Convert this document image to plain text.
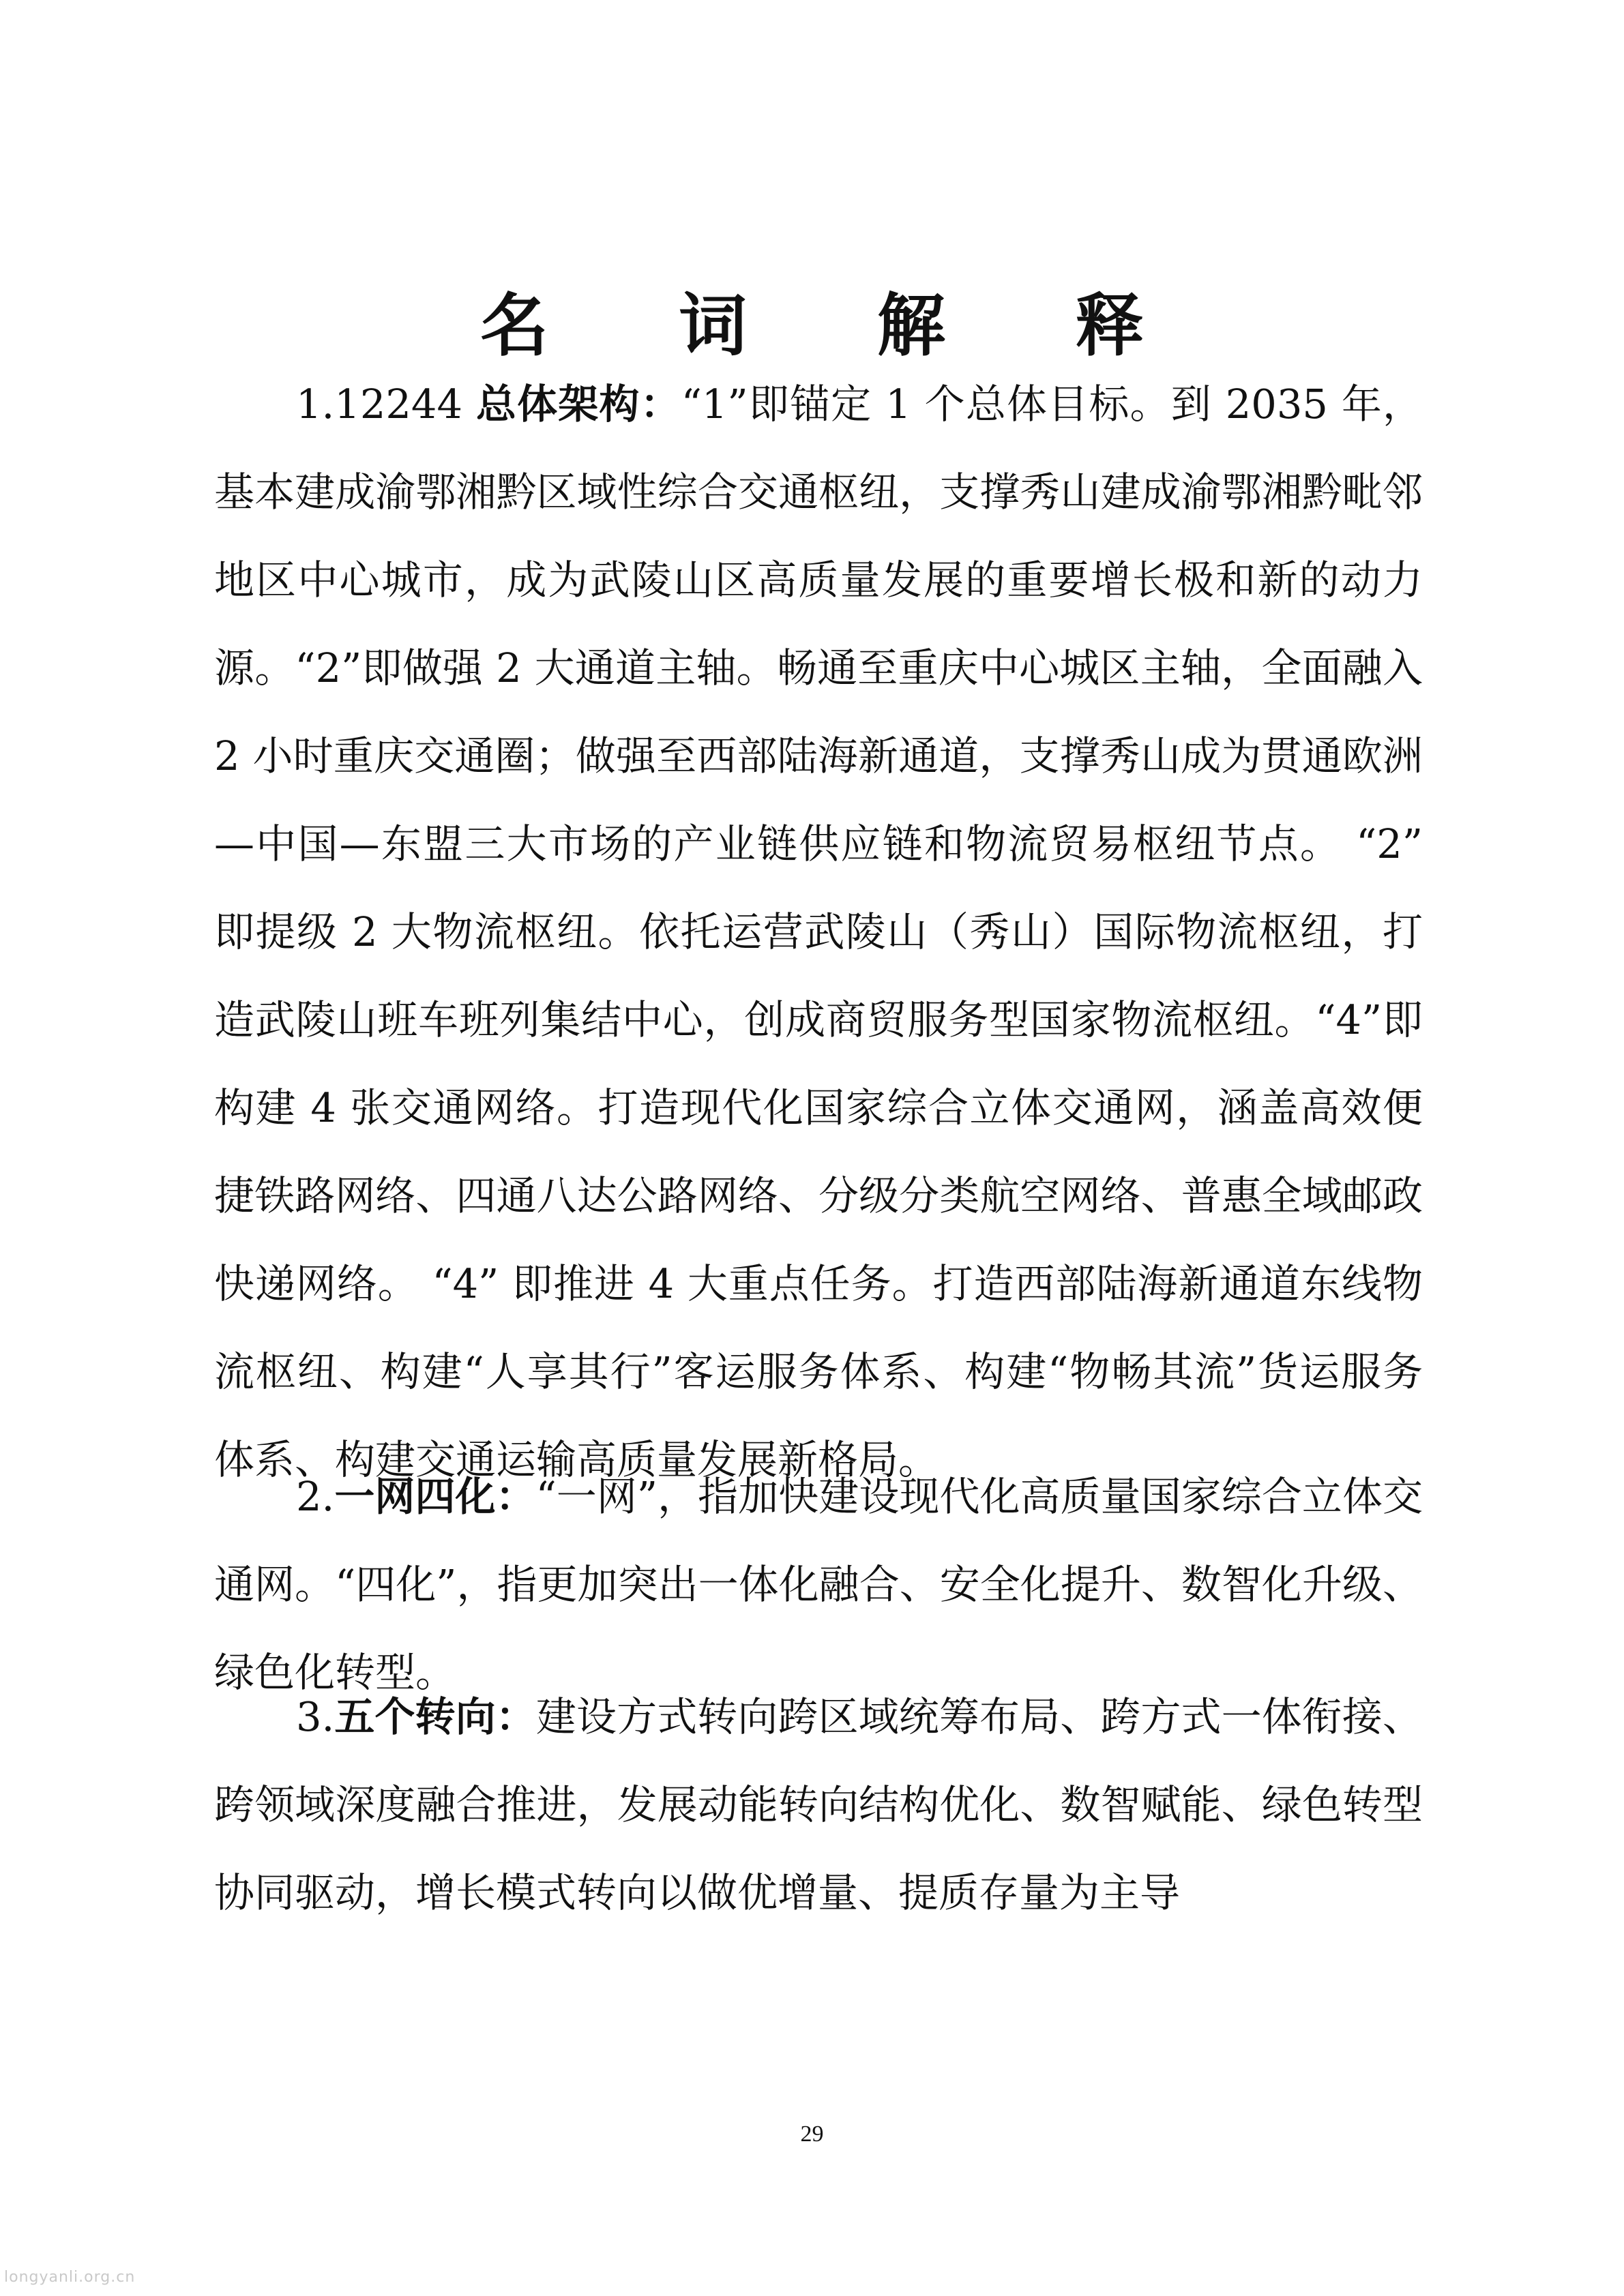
名 词 解 释

1.12244 总体架构：“1”即锚定 1 个总体目标。到 2035 年，基本建成渝鄂湘黔区域性综合交通枢纽，支撑秀山建成渝鄂湘黔毗邻地区中心城市，成为武陵山区高质量发展的重要增长极和新的动力源。“2”即做强 2 大通道主轴。畅通至重庆中心城区主轴，全面融入 2 小时重庆交通圈；做强至西部陆海新通道，支撑秀山成为贯通欧洲—中国—东盟三大市场的产业链供应链和物流贸易枢纽节点。 “2” 即提级 2 大物流枢纽。依托运营武陵山（秀山）国际物流枢纽，打造武陵山班车班列集结中心，创成商贸服务型国家物流枢纽。“4”即构建 4 张交通网络。打造现代化国家综合立体交通网，涵盖高效便捷铁路网络、四通八达公路网络、分级分类航空网络、普惠全域邮政快递网络。 “4” 即推进 4 大重点任务。打造西部陆海新通道东线物流枢纽、构建“人享其行”客运服务体系、构建“物畅其流”货运服务体系、构建交通运输高质量发展新格局。

2.一网四化：“一网”，指加快建设现代化高质量国家综合立体交通网。“四化”，指更加突出一体化融合、安全化提升、数智化升级、绿色化转型。

3.五个转向：建设方式转向跨区域统筹布局、跨方式一体衔接、跨领域深度融合推进，发展动能转向结构优化、数智赋能、绿色转型协同驱动，增长模式转向以做优增量、提质存量为主导

29
longyanli.org.cn
